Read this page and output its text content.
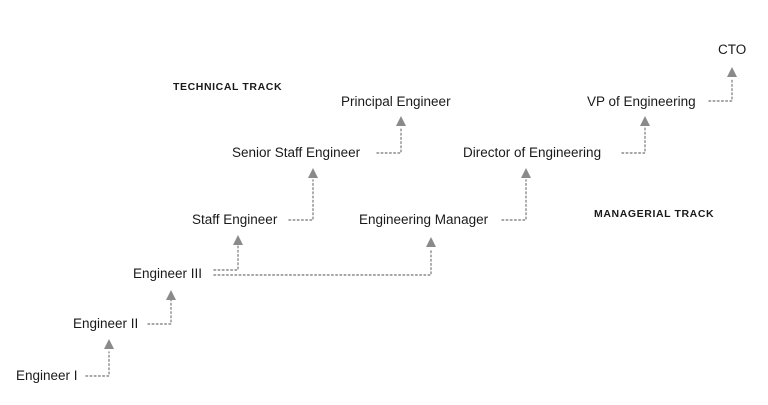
TECHNICAL TRACK
MANAGERIAL TRACK
Engineer I
Engineer II
Engineer III
Staff Engineer
Senior Staff Engineer
Principal Engineer
Engineering Manager
Director of Engineering
VP of Engineering
CTO
